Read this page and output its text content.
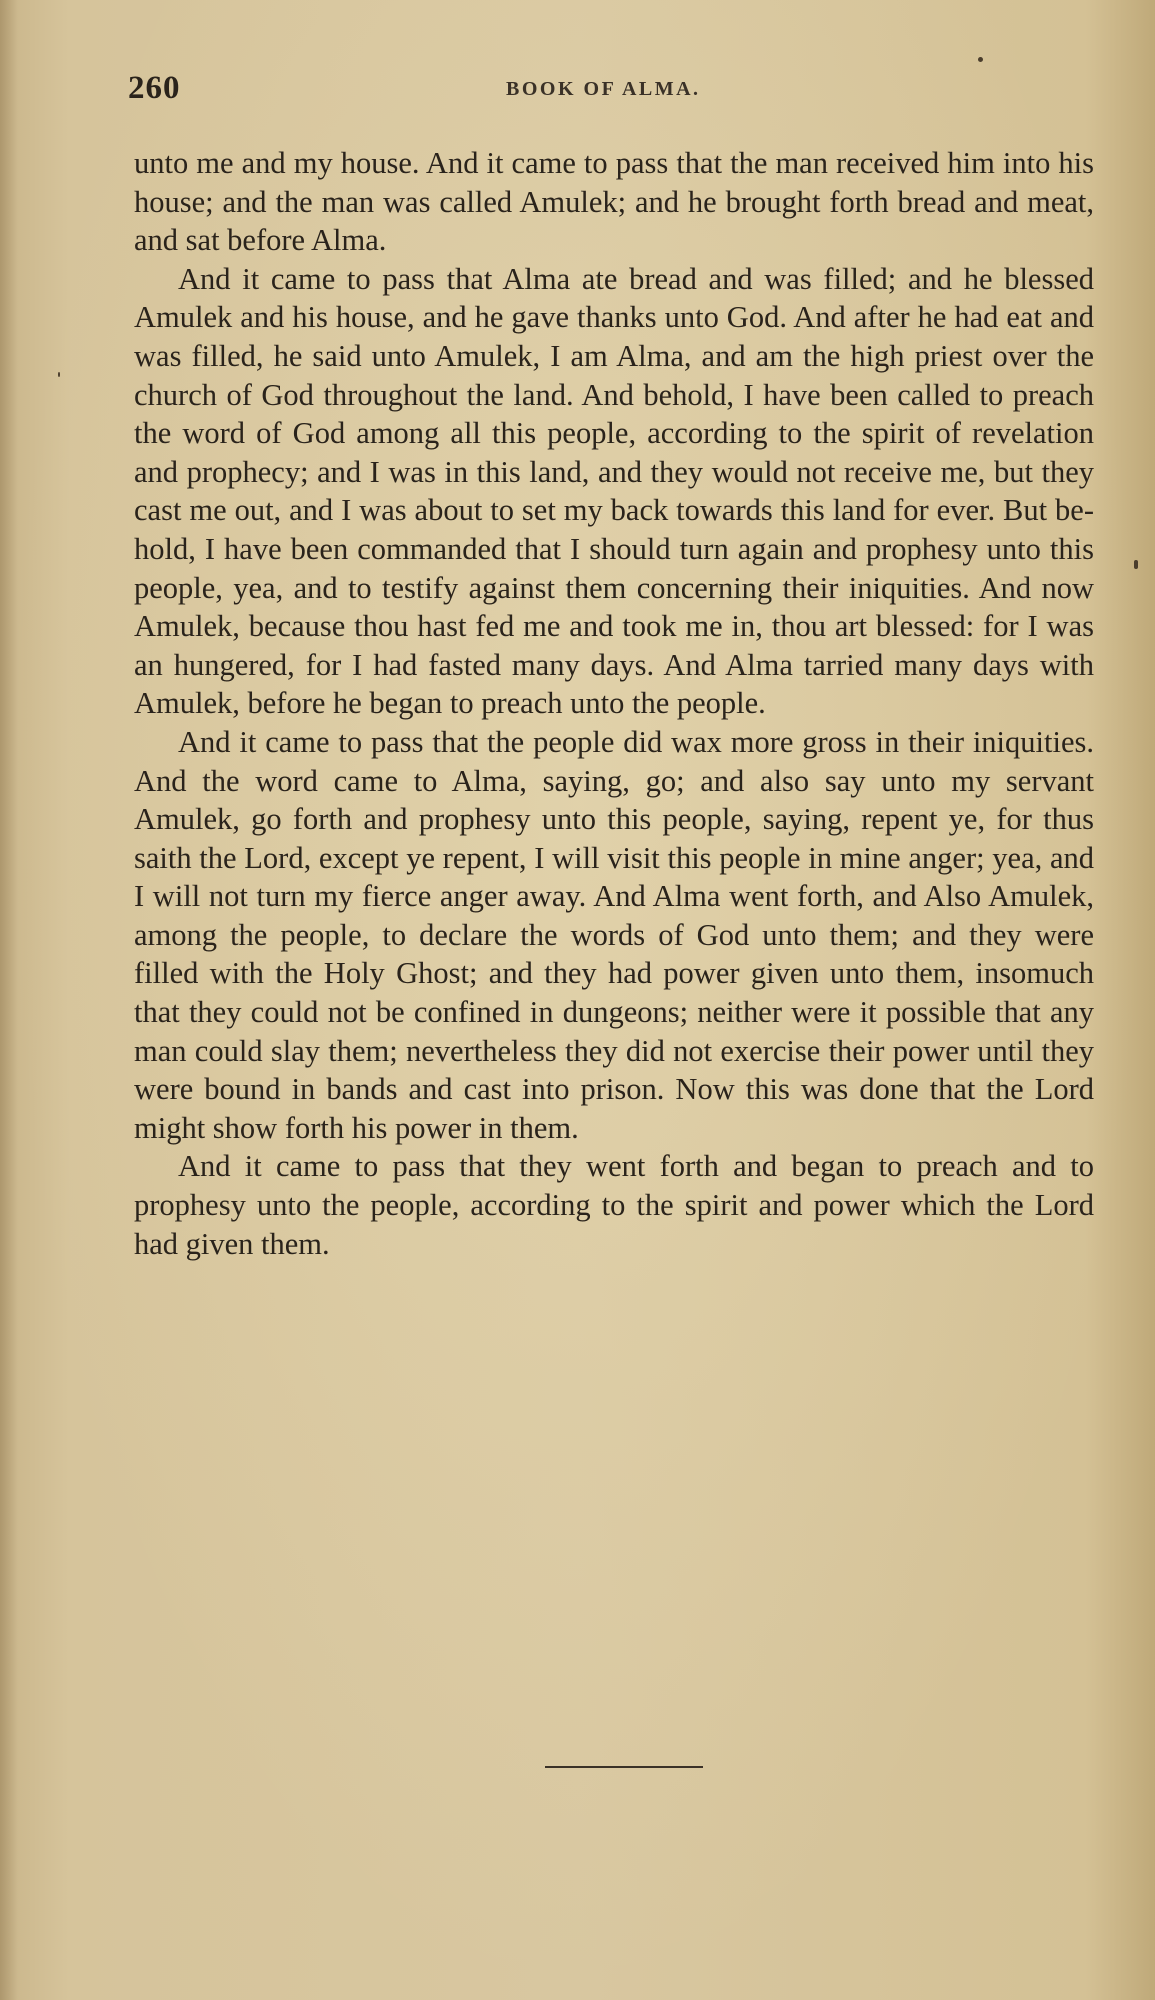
260	BOOK OF ALMA.

unto me and my house. And it came to pass that the man received him into his house; and the man was called Amulek; and he brought forth bread and meat, and sat before Alma.

And it came to pass that Alma ate bread and was filled; and he blessed Amulek and his house, and he gave thanks unto God. And after he had eat and was filled, he said unto Amulek, I am Alma, and am the high priest over the church of God throughout the land. And behold, I have been called to preach the word of God among all this people, according to the spirit of revelation and prophecy; and I was in this land, and they would not receive me, but they cast me out, and I was about to set my back towards this land for ever. But behold, I have been commanded that I should turn again and prophesy unto this people, yea, and to testify against them concerning their iniquities. And now Amulek, because thou hast fed me and took me in, thou art blessed: for I was an hungered, for I had fasted many days. And Alma tarried many days with Amulek, before he began to preach unto the people.

And it came to pass that the people did wax more gross in their iniquities. And the word came to Alma, saying, go; and also say unto my servant Amulek, go forth and prophesy unto this people, saying, repent ye, for thus saith the Lord, except ye repent, I will visit this people in mine anger; yea, and I will not turn my fierce anger away. And Alma went forth, and Also Amulek, among the people, to declare the words of God unto them; and they were filled with the Holy Ghost; and they had power given unto them, insomuch that they could not be confined in dungeons; neither were it possible that any man could slay them; nevertheless they did not exercise their power until they were bound in bands and cast into prison. Now this was done that the Lord might show forth his power in them.

And it came to pass that they went forth and began to preach and to prophesy unto the people, according to the spirit and power which the Lord had given them.
